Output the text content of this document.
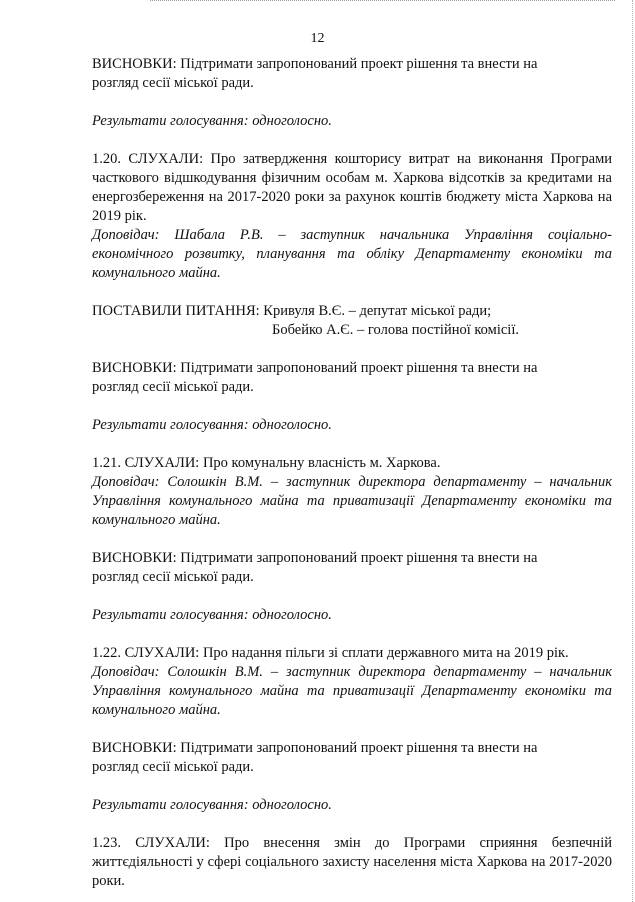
12

ВИСНОВКИ: Підтримати запропонований проект рішення та внести на
розгляд сесії міської ради.

Результати голосування: одноголосно.

1.20. СЛУХАЛИ: Про затвердження кошторису витрат на виконання Програми часткового відшкодування фізичним особам м. Харкова відсотків за кредитами на енергозбереження на 2017-2020 роки за рахунок коштів бюджету міста Харкова на 2019 рік.

Доповідач: Шабала Р.В. – заступник начальника Управління соціально-економічного розвитку, планування та обліку Департаменту економіки та комунального майна.

ПОСТАВИЛИ ПИТАННЯ: Кривуля В.Є. – депутат міської ради;
Бобейко А.Є. – голова постійної комісії.

ВИСНОВКИ: Підтримати запропонований проект рішення та внести на
розгляд сесії міської ради.

Результати голосування: одноголосно.

1.21. СЛУХАЛИ: Про комунальну власність м. Харкова.

Доповідач: Солошкін В.М. – заступник директора департаменту – начальник Управління комунального майна та приватизації Департаменту економіки та комунального майна.

ВИСНОВКИ: Підтримати запропонований проект рішення та внести на
розгляд сесії міської ради.

Результати голосування: одноголосно.

1.22. СЛУХАЛИ: Про надання пільги зі сплати державного мита на 2019 рік.

Доповідач: Солошкін В.М. – заступник директора департаменту – начальник Управління комунального майна та приватизації Департаменту економіки та комунального майна.

ВИСНОВКИ: Підтримати запропонований проект рішення та внести на
розгляд сесії міської ради.

Результати голосування: одноголосно.

1.23. СЛУХАЛИ: Про внесення змін до Програми сприяння безпечній життєдіяльності у сфері соціального захисту населення міста Харкова на 2017-2020 роки.
